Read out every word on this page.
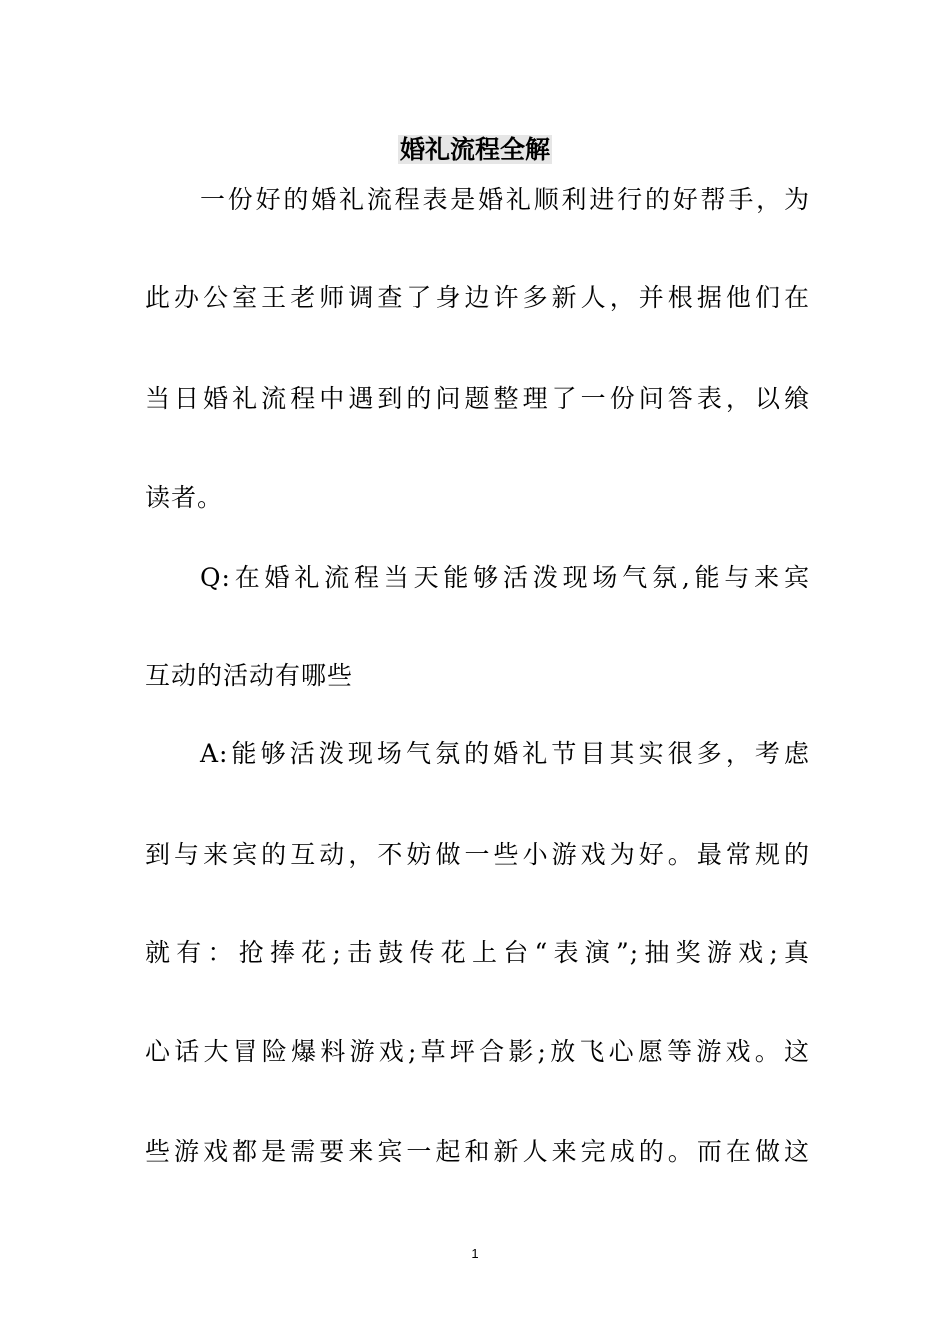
婚礼流程全解
一份好的婚礼流程表是婚礼顺利进行的好帮手，为
此办公室王老师调查了身边许多新人，并根据他们在
当日婚礼流程中遇到的问题整理了一份问答表，以飨
读者。
Q:在婚礼流程当天能够活泼现场气氛,能与来宾
互动的活动有哪些
A:能够活泼现场气氛的婚礼节目其实很多，考虑
到与来宾的互动，不妨做一些小游戏为好。最常规的
就有：抢捧花;击鼓传花上台“表演”;抽奖游戏;真
心话大冒险爆料游戏;草坪合影;放飞心愿等游戏。这
些游戏都是需要来宾一起和新人来完成的。而在做这
1
